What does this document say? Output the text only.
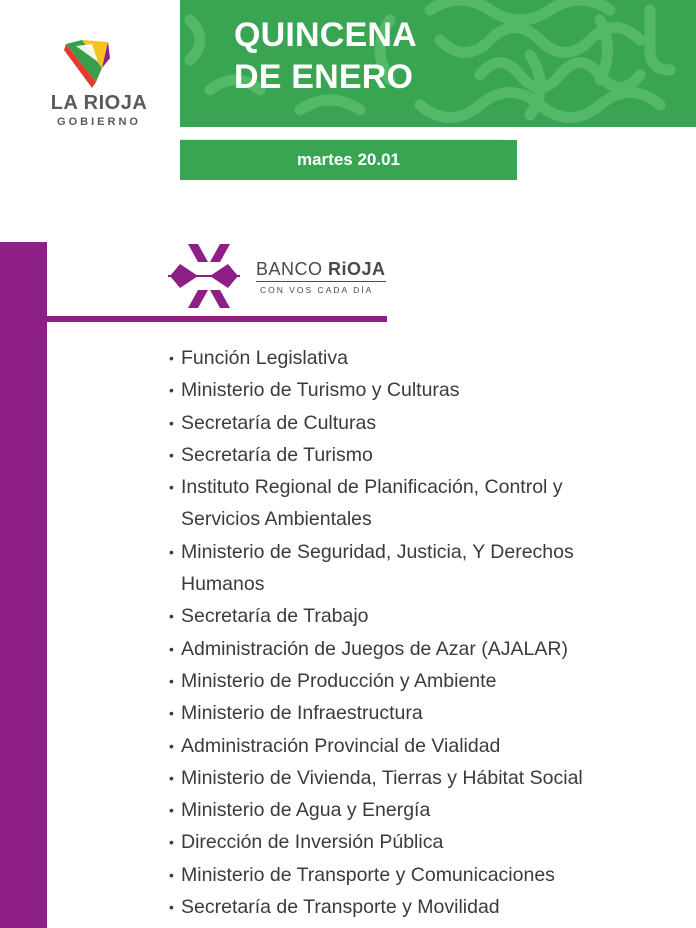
LA RIOJA
GOBIERNO
QUINCENA
DE ENERO
martes 20.01
BANCO RiOJA
CON VOS CADA DÍA
• Función Legislativa
• Ministerio de Turismo y Culturas
• Secretaría de Culturas
• Secretaría de Turismo
• Instituto Regional de Planificación, Control y
Servicios Ambientales
• Ministerio de Seguridad, Justicia, Y Derechos
Humanos
• Secretaría de Trabajo
• Administración de Juegos de Azar (AJALAR)
• Ministerio de Producción y Ambiente
• Ministerio de Infraestructura
• Administración Provincial de Vialidad
• Ministerio de Vivienda, Tierras y Hábitat Social
• Ministerio de Agua y Energía
• Dirección de Inversión Pública
• Ministerio de Transporte y Comunicaciones
• Secretaría de Transporte y Movilidad
